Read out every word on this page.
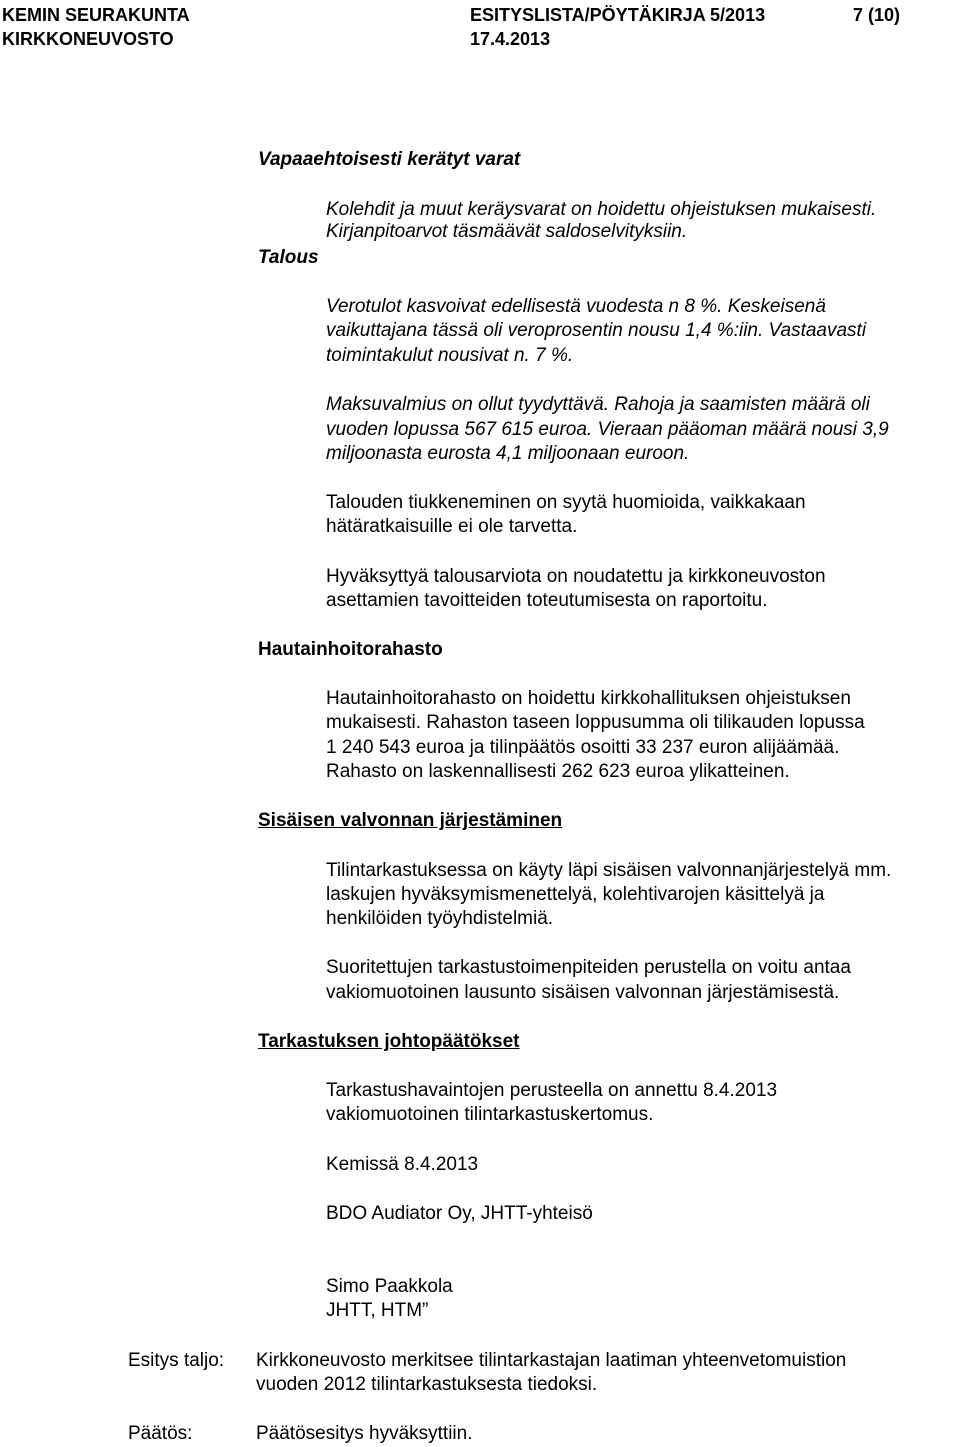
KEMIN SEURAKUNTA
KIRKKONEUVOSTO
ESITYSLISTA/PÖYTÄKIRJA 5/2013
17.4.2013
7 (10)
Vapaaehtoisesti kerätyt varat
Kolehdit ja muut keräysvarat on hoidettu ohjeistuksen mukaisesti.
Kirjanpitoarvot täsmäävät saldoselvityksiin.
Talous
Verotulot kasvoivat edellisestä vuodesta n 8 %. Keskeisenä
vaikuttajana tässä oli veroprosentin nousu 1,4 %:iin. Vastaavasti
toimintakulut nousivat n. 7 %.
Maksuvalmius on ollut tyydyttävä. Rahoja ja saamisten määrä oli
vuoden lopussa 567 615 euroa. Vieraan pääoman määrä nousi 3,9
miljoonasta eurosta 4,1 miljoonaan euroon.
Talouden tiukkeneminen on syytä huomioida, vaikkakaan
hätäratkaisuille ei ole tarvetta.
Hyväksyttyä talousarviota on noudatettu ja kirkkoneuvoston
asettamien tavoitteiden toteutumisesta on raportoitu.
Hautainhoitorahasto
Hautainhoitorahasto on hoidettu kirkkohallituksen ohjeistuksen
mukaisesti. Rahaston taseen loppusumma oli tilikauden lopussa
1 240 543 euroa ja tilinpäätös osoitti 33 237 euron alijäämää.
Rahasto on laskennallisesti 262 623 euroa ylikatteinen.
Sisäisen valvonnan järjestäminen
Tilintarkastuksessa on käyty läpi sisäisen valvonnanjärjestelyä mm.
laskujen hyväksymismenettelyä, kolehtivarojen käsittelyä ja
henkilöiden työyhdistelmiä.
Suoritettujen tarkastustoimenpiteiden perustella on voitu antaa
vakiomuotoinen lausunto sisäisen valvonnan järjestämisestä.
Tarkastuksen johtopäätökset
Tarkastushavaintojen perusteella on annettu 8.4.2013
vakiomuotoinen tilintarkastuskertomus.
Kemissä 8.4.2013
BDO Audiator Oy, JHTT-yhteisö
Simo Paakkola
JHTT, HTM”
Esitys taljo: Kirkkoneuvosto merkitsee tilintarkastajan laatiman yhteenvetomuistion
vuoden 2012 tilintarkastuksesta tiedoksi.
Päätös:	Päätösesitys hyväksyttiin.
